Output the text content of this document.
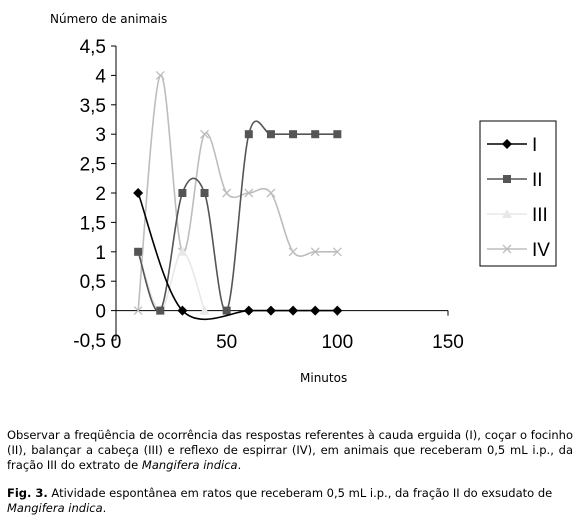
Número de animais
-0,5
0
0,5
1
1,5
2
2,5
3
3,5
4
4,5
0	50	100	150
I
II
III
IV
Minutos
Observar a freqüência de ocorrência das respostas referentes à cauda erguida (I), coçar o focinho (II), balançar a cabeça (III) e reflexo de espirrar (IV), em animais que receberam 0,5 mL i.p., da fração III do extrato de Mangifera indica.
Fig. 3. Atividade espontânea em ratos que receberam 0,5 mL i.p., da fração II do exsudato de Mangifera indica.
